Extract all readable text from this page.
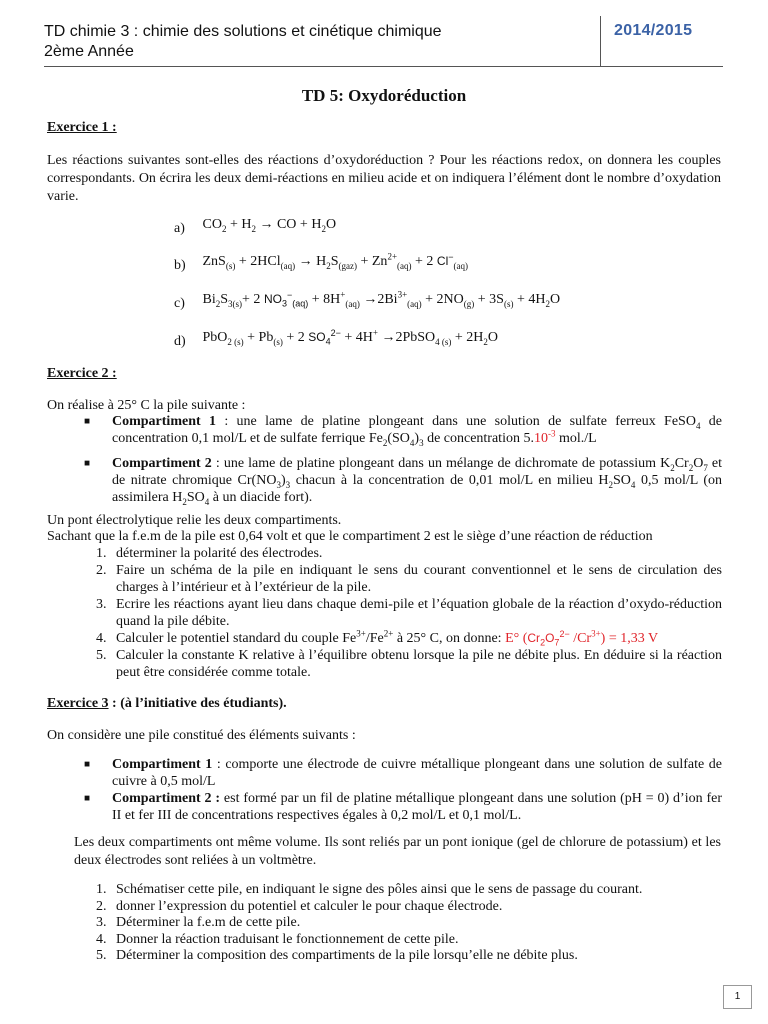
TD chimie 3 : chimie des solutions et cinétique chimique
2ème Année
2014/2015
TD 5: Oxydoréduction
Exercice 1 :

Les réactions suivantes sont-elles des réactions d’oxydoréduction ? Pour les réactions redox, on donnera les couples correspondants. On écrira les deux demi-réactions en milieu acide et on indiquera l’élément dont le nombre d’oxydation varie.

a) $CO_2 + H_2$ → CO + $H_2O$
b) $ZnS_{(s)} + 2HCl_{(aq)} \to H_2S_{(gaz)} + Zn^{2+}_{(aq)} + 2$ $Cl^-_{(aq)}$
c) $Bi_2S_{3(s)}+ 2$ $NO_3^-_{(aq)} + 8H^+_{(aq)} \to 2Bi^{3+}_{(aq)} + 2NO_{(g)} + 3S_{(s)} + 4H_2O$
d) $PbO_{2 (s)} + Pb_{(s)} + 2$ $SO_4^{2-} + 4H^+$ →2PbSO$_{4 (s)}$ + $2H_2O$
Exercice 2 :

On réalise à 25° C la pile suivante :

■	Compartiment 1 : une lame de platine plongeant dans une solution de sulfate ferreux FeSO$_4$ de concentration 0,1 mol/L et de sulfate ferrique $Fe_2(SO_4)_3$ de concentration $5.10^{-3}$ mol./L
■	Compartiment 2 : une lame de platine plongeant dans un mélange de dichromate de potassium $K_2Cr_2O_7$ et de nitrate chromique $Cr(NO_3)_3$ chacun à la concentration de 0,01 mol/L en milieu $H_2SO_4$ 0,5 mol/L (on assimilera $H_2SO_4$ à un diacide fort).

Un pont électrolytique relie les deux compartiments.

Sachant que la f.e.m de la pile est 0,64 volt et que le compartiment 2 est le siège d’une réaction de réduction

1. déterminer la polarité des électrodes.
2. Faire un schéma de la pile en indiquant le sens du courant conventionnel et le sens de circulation des charges à l’intérieur et à l’extérieur de la pile.
3. Ecrire les réactions ayant lieu dans chaque demi-pile et l’équation globale de la réaction d’oxydo-réduction quand la pile débite.
4. Calculer le potentiel standard du couple $Fe^{3+}/Fe^{2+}$ à 25° C, on donne: E° ($Cr_2O_7^{2-}$ $/Cr^{3+}) = 1,33$ V
5. Calculer la constante K relative à l’équilibre obtenu lorsque la pile ne débite plus. En déduire si la réaction peut être considérée comme totale.
Exercice 3 : (à l’initiative des étudiants).

On considère une pile constitué des éléments suivants :

■	Compartiment 1 : comporte une électrode de cuivre métallique plongeant dans une solution de sulfate de cuivre à 0,5 mol/L
■	Compartiment 2 : est formé par un fil de platine métallique plongeant dans une solution (pH = 0) d’ion fer II et fer III de concentrations respectives égales à 0,2 mol/L et 0,1 mol/L.

Les deux compartiments ont même volume. Ils sont reliés par un pont ionique (gel de chlorure de potassium) et les deux électrodes sont reliées à un voltmètre.

1. Schématiser cette pile, en indiquant le signe des pôles ainsi que le sens de passage du courant.
2. donner l’expression du potentiel et calculer le pour chaque électrode.
3. Déterminer la f.e.m de cette pile.
4. Donner la réaction traduisant le fonctionnement de cette pile.
5. Déterminer la composition des compartiments de la pile lorsqu’elle ne débite plus.
1
